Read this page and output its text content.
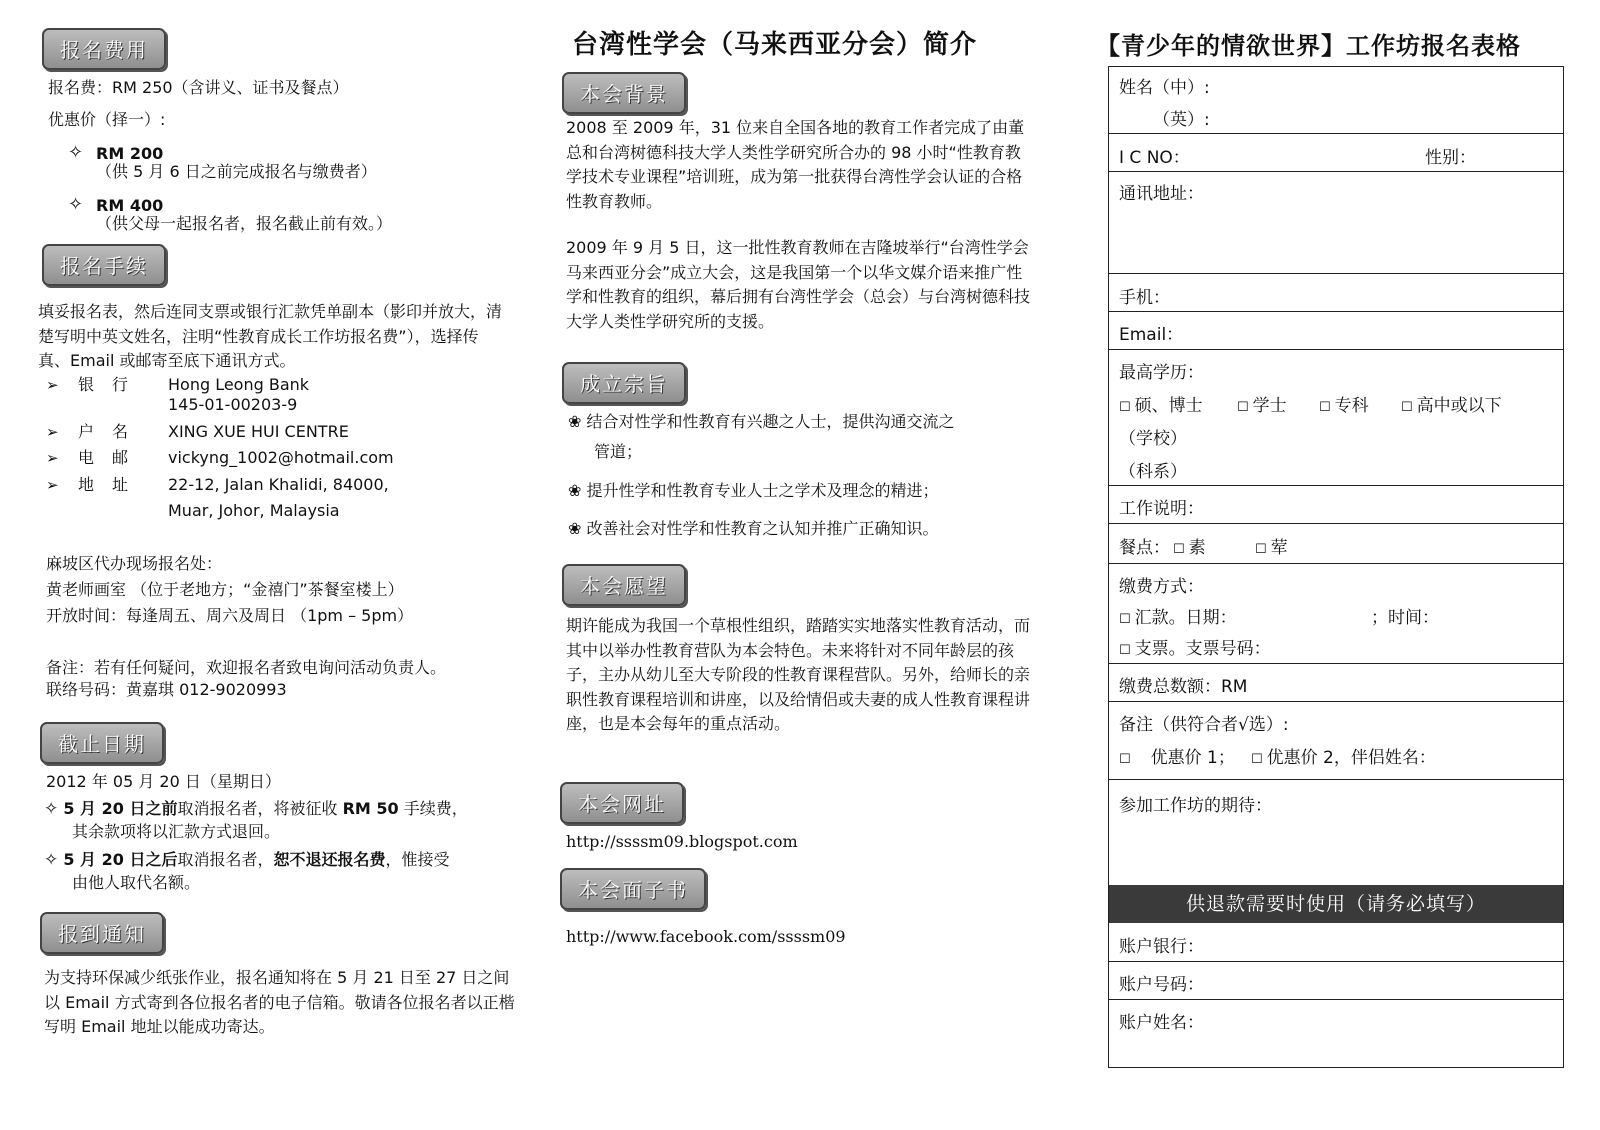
报名费用
报名费：RM 250（含讲义、证书及餐点）
优惠价（择一）:
✧ RM 200
（供 5 月 6 日之前完成报名与缴费者）
✧ RM 400
（供父母一起报名者，报名截止前有效。）
报名手续
填妥报名表，然后连同支票或银行汇款凭单副本（影印并放大，清楚写明中英文姓名，注明“性教育成长工作坊报名费”），选择传真、Email 或邮寄至底下通讯方式。
➢ 银行 Hong Leong Bank
145-01-00203-9
➢ 户名 XING XUE HUI CENTRE
➢ 电邮 vickyng_1002@hotmail.com
➢ 地址 22-12, Jalan Khalidi, 84000,
Muar, Johor, Malaysia
麻坡区代办现场报名处：
黄老师画室 （位于老地方；“金禧门”茶餐室楼上）
开放时间：每逢周五、周六及周日 （1pm – 5pm）
备注：若有任何疑问，欢迎报名者致电询问活动负责人。
联络号码：黄嘉琪 012-9020993
截止日期
2012 年 05 月 20 日（星期日）
✧ 5 月 20 日之前取消报名者，将被征收 RM 50 手续费，
其余款项将以汇款方式退回。
✧ 5 月 20 日之后取消报名者，恕不退还报名费，惟接受
由他人取代名额。
报到通知
为支持环保减少纸张作业，报名通知将在 5 月 21 日至 27 日之间以 Email 方式寄到各位报名者的电子信箱。敬请各位报名者以正楷写明 Email 地址以能成功寄达。
台湾性学会（马来西亚分会）简介
本会背景
2008 至 2009 年，31 位来自全国各地的教育工作者完成了由董总和台湾树德科技大学人类性学研究所合办的 98 小时“性教育教学技术专业课程”培训班，成为第一批获得台湾性学会认证的合格性教育教师。
2009 年 9 月 5 日，这一批性教育教师在吉隆坡举行“台湾性学会马来西亚分会”成立大会，这是我国第一个以华文媒介语来推广性学和性教育的组织，幕后拥有台湾性学会（总会）与台湾树德科技大学人类性学研究所的支援。
成立宗旨
❀ 结合对性学和性教育有兴趣之人士，提供沟通交流之
管道；
❀ 提升性学和性教育专业人士之学术及理念的精进；
❀ 改善社会对性学和性教育之认知并推广正确知识。
本会愿望
期许能成为我国一个草根性组织，踏踏实实地落实性教育活动，而其中以举办性教育营队为本会特色。未来将针对不同年龄层的孩子，主办从幼儿至大专阶段的性教育课程营队。另外，给师长的亲职性教育课程培训和讲座，以及给情侣或夫妻的成人性教育课程讲座，也是本会每年的重点活动。
本会网址
http://ssssm09.blogspot.com
本会面子书
http://www.facebook.com/ssssm09
【青少年的情欲世界】工作坊报名表格
姓名（中）:
（英）:
I C NO：	性别：
通讯地址：
手机：
Email：
最高学历：
☐ 硕、博士	☐ 学士 ☐ 专科 ☐ 高中或以下
（学校）
（科系）
工作说明：
餐点： ☐ 素	☐ 荤
缴费方式：
☐ 汇款。日期：	；时间：
☐ 支票。支票号码：
缴费总数额：RM
备注（供符合者√选）:
☐ 优惠价 1； ☐ 优惠价 2，伴侣姓名：
参加工作坊的期待：
供退款需要时使用（请务必填写）
账户银行：
账户号码：
账户姓名：
